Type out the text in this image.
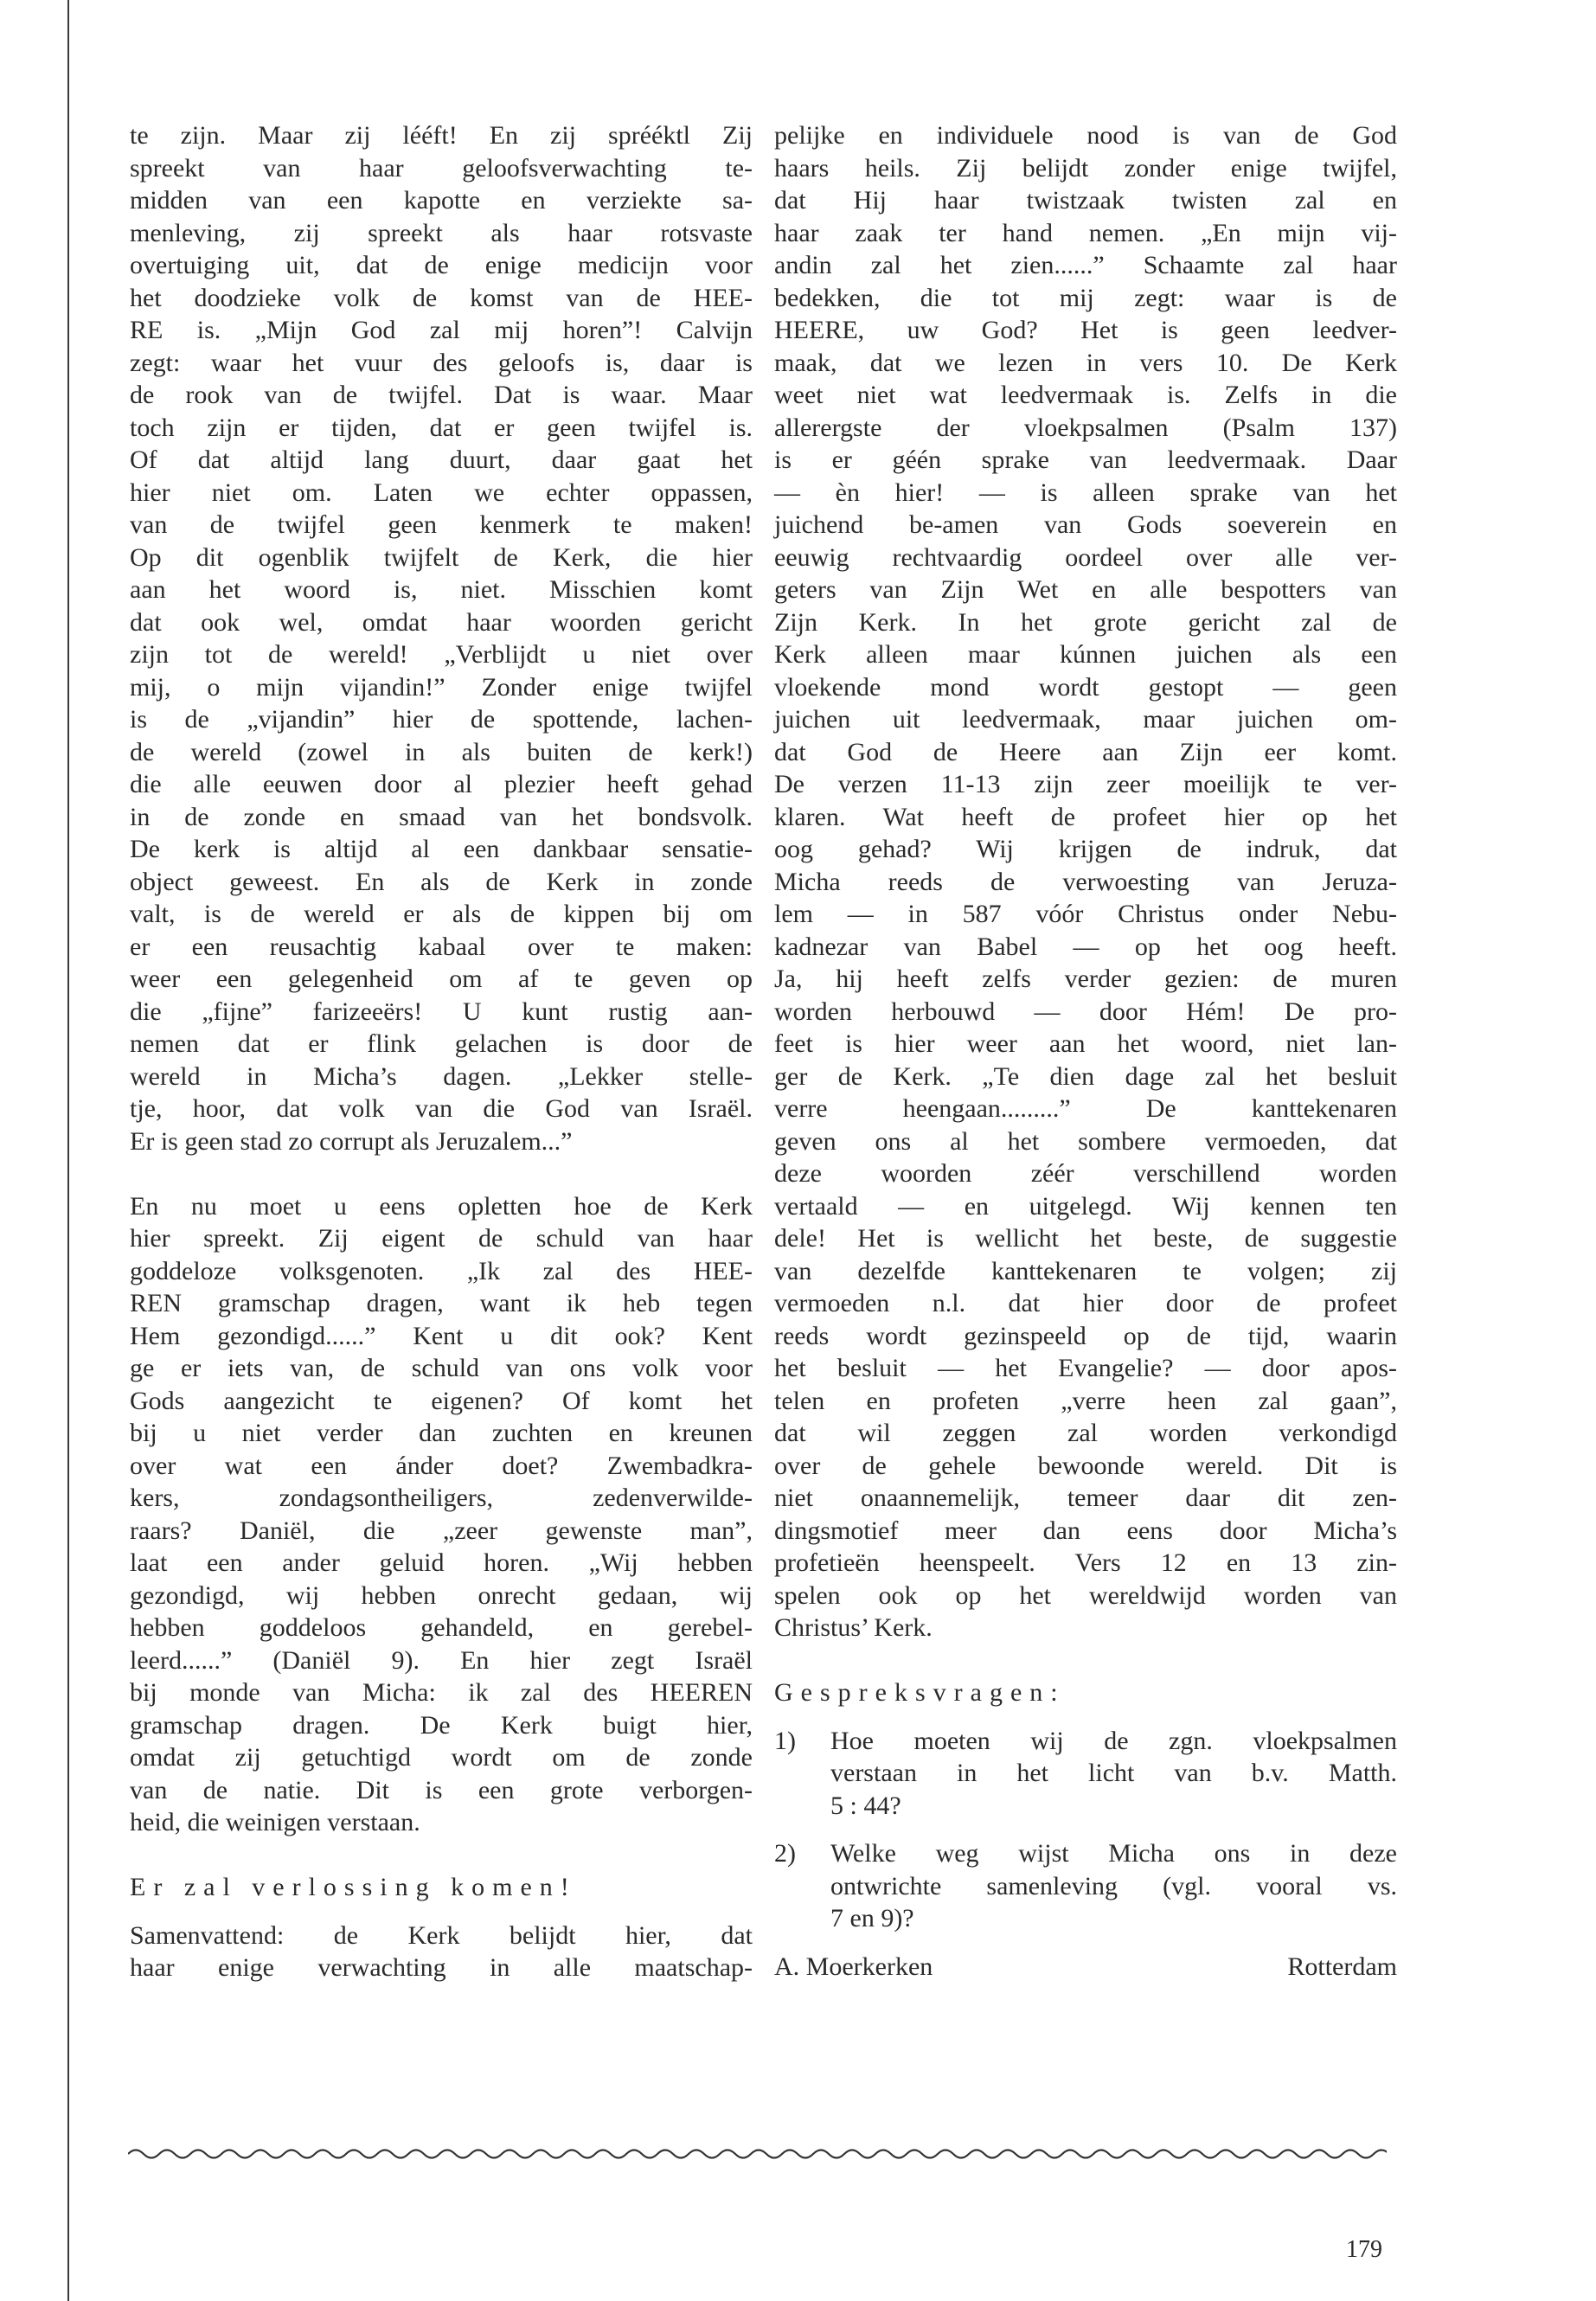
te zijn. Maar zij lééft! En zij sprééktl Zij
spreekt van haar geloofsverwachting te-
midden van een kapotte en verziekte sa-
menleving, zij spreekt als haar rotsvaste
overtuiging uit, dat de enige medicijn voor
het doodzieke volk de komst van de HEE-
RE is. „Mijn God zal mij horen”! Calvijn
zegt: waar het vuur des geloofs is, daar is
de rook van de twijfel. Dat is waar. Maar
toch zijn er tijden, dat er geen twijfel is.
Of dat altijd lang duurt, daar gaat het
hier niet om. Laten we echter oppassen,
van de twijfel geen kenmerk te maken!
Op dit ogenblik twijfelt de Kerk, die hier
aan het woord is, niet. Misschien komt
dat ook wel, omdat haar woorden gericht
zijn tot de wereld! „Verblijdt u niet over
mij, o mijn vijandin!” Zonder enige twijfel
is de „vijandin” hier de spottende, lachen-
de wereld (zowel in als buiten de kerk!)
die alle eeuwen door al plezier heeft gehad
in de zonde en smaad van het bondsvolk.
De kerk is altijd al een dankbaar sensatie-
object geweest. En als de Kerk in zonde
valt, is de wereld er als de kippen bij om
er een reusachtig kabaal over te maken:
weer een gelegenheid om af te geven op
die „fijne” farizeeërs! U kunt rustig aan-
nemen dat er flink gelachen is door de
wereld in Micha’s dagen. „Lekker stelle-
tje, hoor, dat volk van die God van Israël.
Er is geen stad zo corrupt als Jeruzalem...”
En nu moet u eens opletten hoe de Kerk
hier spreekt. Zij eigent de schuld van haar
goddeloze volksgenoten. „Ik zal des HEE-
REN gramschap dragen, want ik heb tegen
Hem gezondigd......” Kent u dit ook? Kent
ge er iets van, de schuld van ons volk voor
Gods aangezicht te eigenen? Of komt het
bij u niet verder dan zuchten en kreunen
over wat een ánder doet? Zwembadkra-
kers, zondagsontheiligers, zedenverwilde-
raars? Daniël, die „zeer gewenste man”,
laat een ander geluid horen. „Wij hebben
gezondigd, wij hebben onrecht gedaan, wij
hebben goddeloos gehandeld, en gerebel-
leerd......” (Daniël 9). En hier zegt Israël
bij monde van Micha: ik zal des HEEREN
gramschap dragen. De Kerk buigt hier,
omdat zij getuchtigd wordt om de zonde
van de natie. Dit is een grote verborgen-
heid, die weinigen verstaan.
Er zal verlossing komen!
Samenvattend: de Kerk belijdt hier, dat
haar enige verwachting in alle maatschap-
pelijke en individuele nood is van de God
haars heils. Zij belijdt zonder enige twijfel,
dat Hij haar twistzaak twisten zal en
haar zaak ter hand nemen. „En mijn vij-
andin zal het zien......” Schaamte zal haar
bedekken, die tot mij zegt: waar is de
HEERE, uw God? Het is geen leedver-
maak, dat we lezen in vers 10. De Kerk
weet niet wat leedvermaak is. Zelfs in die
allerergste der vloekpsalmen (Psalm 137)
is er géén sprake van leedvermaak. Daar
— èn hier! — is alleen sprake van het
juichend be-amen van Gods soeverein en
eeuwig rechtvaardig oordeel over alle ver-
geters van Zijn Wet en alle bespotters van
Zijn Kerk. In het grote gericht zal de
Kerk alleen maar kúnnen juichen als een
vloekende mond wordt gestopt — geen
juichen uit leedvermaak, maar juichen om-
dat God de Heere aan Zijn eer komt.
De verzen 11-13 zijn zeer moeilijk te ver-
klaren. Wat heeft de profeet hier op het
oog gehad? Wij krijgen de indruk, dat
Micha reeds de verwoesting van Jeruza-
lem — in 587 vóór Christus onder Nebu-
kadnezar van Babel — op het oog heeft.
Ja, hij heeft zelfs verder gezien: de muren
worden herbouwd — door Hém! De pro-
feet is hier weer aan het woord, niet lan-
ger de Kerk. „Te dien dage zal het besluit
verre heengaan.........” De kanttekenaren
geven ons al het sombere vermoeden, dat
deze woorden zéér verschillend worden
vertaald — en uitgelegd. Wij kennen ten
dele! Het is wellicht het beste, de suggestie
van dezelfde kanttekenaren te volgen; zij
vermoeden n.l. dat hier door de profeet
reeds wordt gezinspeeld op de tijd, waarin
het besluit — het Evangelie? — door apos-
telen en profeten „verre heen zal gaan”,
dat wil zeggen zal worden verkondigd
over de gehele bewoonde wereld. Dit is
niet onaannemelijk, temeer daar dit zen-
dingsmotief meer dan eens door Micha’s
profetieën heenspeelt. Vers 12 en 13 zin-
spelen ook op het wereldwijd worden van
Christus’ Kerk.
Gespreksvragen:
1)	Hoe moeten wij de zgn. vloekpsalmen
verstaan in het licht van b.v. Matth.
5 : 44?
2)	Welke weg wijst Micha ons in deze
ontwrichte samenleving (vgl. vooral vs.
7 en 9)?
A. Moerkerken	Rotterdam
179
